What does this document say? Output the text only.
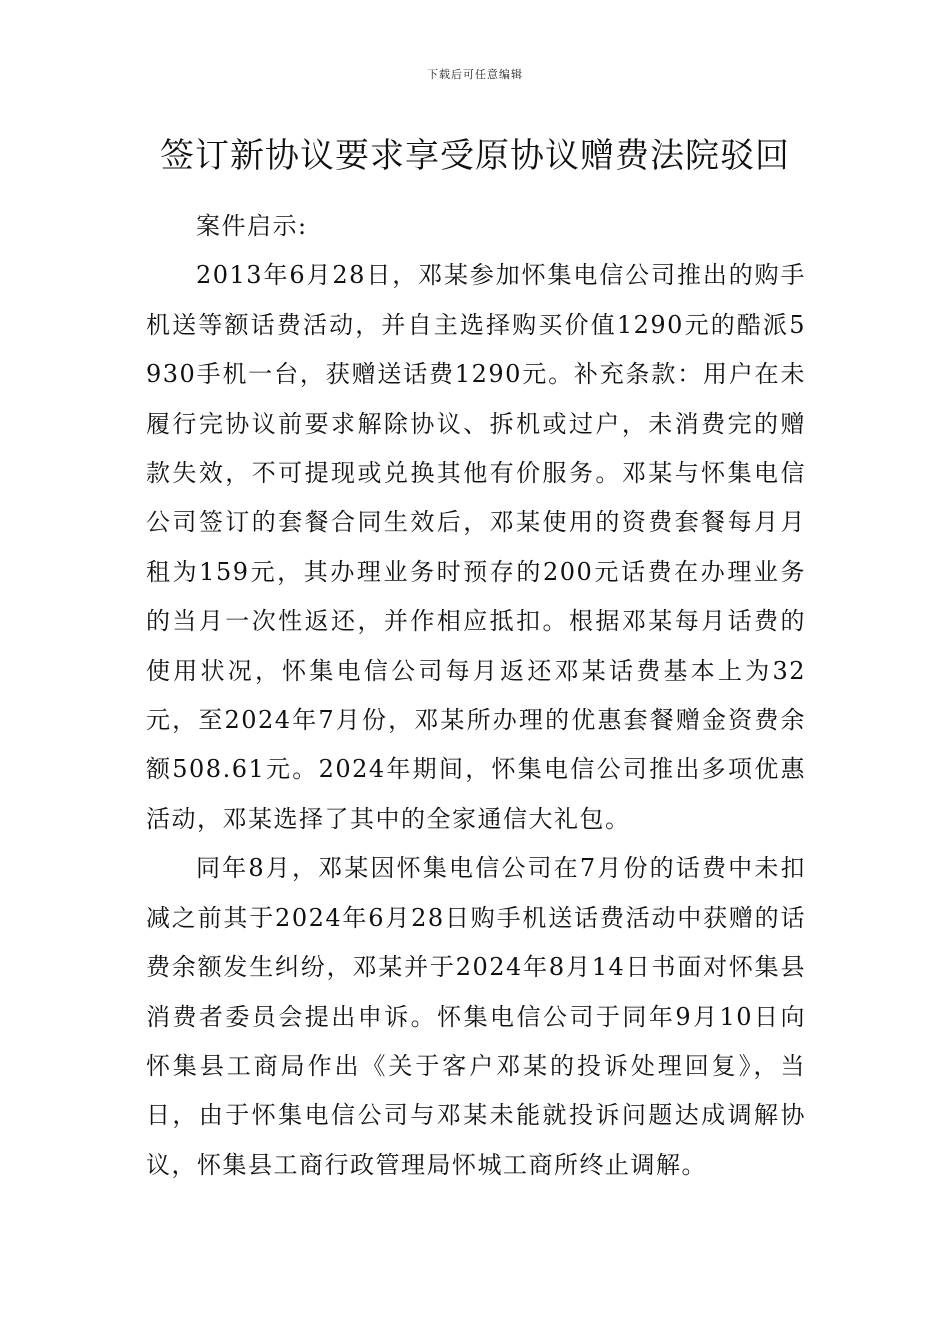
下载后可任意编辑
签订新协议要求享受原协议赠费法院驳回

案件启示:

2013年6月28日，邓某参加怀集电信公司推出的购手机送等额话费活动，并自主选择购买价值1290元的酷派5930手机一台，获赠送话费1290元。补充条款：用户在未履行完协议前要求解除协议、拆机或过户，未消费完的赠款失效，不可提现或兑换其他有价服务。邓某与怀集电信公司签订的套餐合同生效后，邓某使用的资费套餐每月月租为159元，其办理业务时预存的200元话费在办理业务的当月一次性返还，并作相应抵扣。根据邓某每月话费的使用状况，怀集电信公司每月返还邓某话费基本上为32元，至2024年7月份，邓某所办理的优惠套餐赠金资费余额508.61元。2024年期间，怀集电信公司推出多项优惠活动，邓某选择了其中的全家通信大礼包。

同年8月，邓某因怀集电信公司在7月份的话费中未扣减之前其于2024年6月28日购手机送话费活动中获赠的话费余额发生纠纷，邓某并于2024年8月14日书面对怀集县消费者委员会提出申诉。怀集电信公司于同年9月10日向怀集县工商局作出《关于客户邓某的投诉处理回复》，当日，由于怀集电信公司与邓某未能就投诉问题达成调解协议，怀集县工商行政管理局怀城工商所终止调解。
